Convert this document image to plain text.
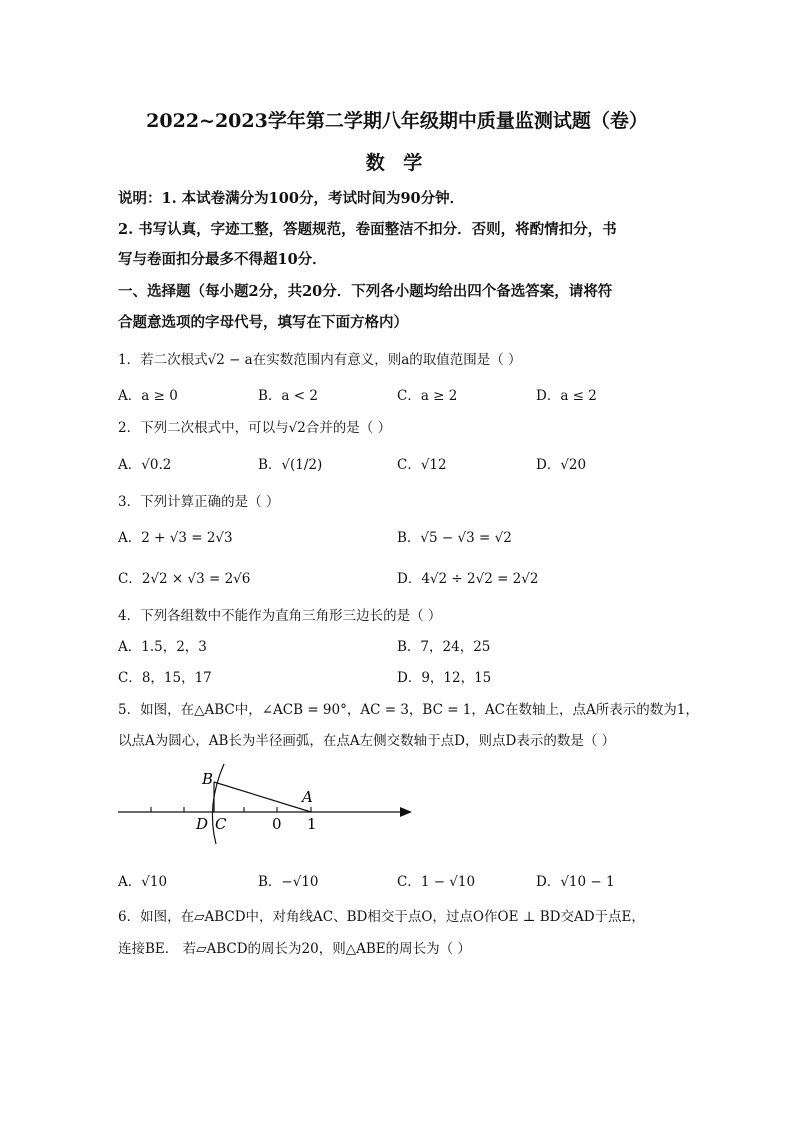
2022~2023学年第二学期八年级期中质量监测试题（卷）
数 学
说明：1. 本试卷满分为100分，考试时间为90分钟．
2. 书写认真，字迹工整，答题规范，卷面整洁不扣分．否则，将酌情扣分，书
写与卷面扣分最多不得超10分．
一、选择题（每小题2分，共20分．下列各小题均给出四个备选答案，请将符
合题意选项的字母代号，填写在下面方格内）
1．若二次根式√2 − a在实数范围内有意义，则a的取值范围是（ ）
A．a ≥ 0	B．a < 2	C．a ≥ 2	D．a ≤ 2
2．下列二次根式中，可以与√2合并的是（ ）
A．√0.2	B．√(1/2)	C．√12	D．√20
3．下列计算正确的是（ ）
A．2 + √3 = 2√3	B．√5 − √3 = √2
C．2√2 × √3 = 2√6	D．4√2 ÷ 2√2 = 2√2
4．下列各组数中不能作为直角三角形三边长的是（ ）
A．1.5，2，3	B．7，24，25
C．8，15，17	D．9，12，15
5．如图，在△ABC中，∠ACB = 90°，AC = 3，BC = 1，AC在数轴上，点A所表示的数为1，
以点A为圆心，AB长为半径画弧，在点A左侧交数轴于点D，则点D表示的数是（ ）
B
A
D C	0 1
A．√10	B．−√10	C．1 − √10	D．√10 − 1
6．如图，在▱ABCD中，对角线AC、BD相交于点O，过点O作OE ⊥ BD交AD于点E，
连接BE． 若▱ABCD的周长为20，则△ABE的周长为（ ）
